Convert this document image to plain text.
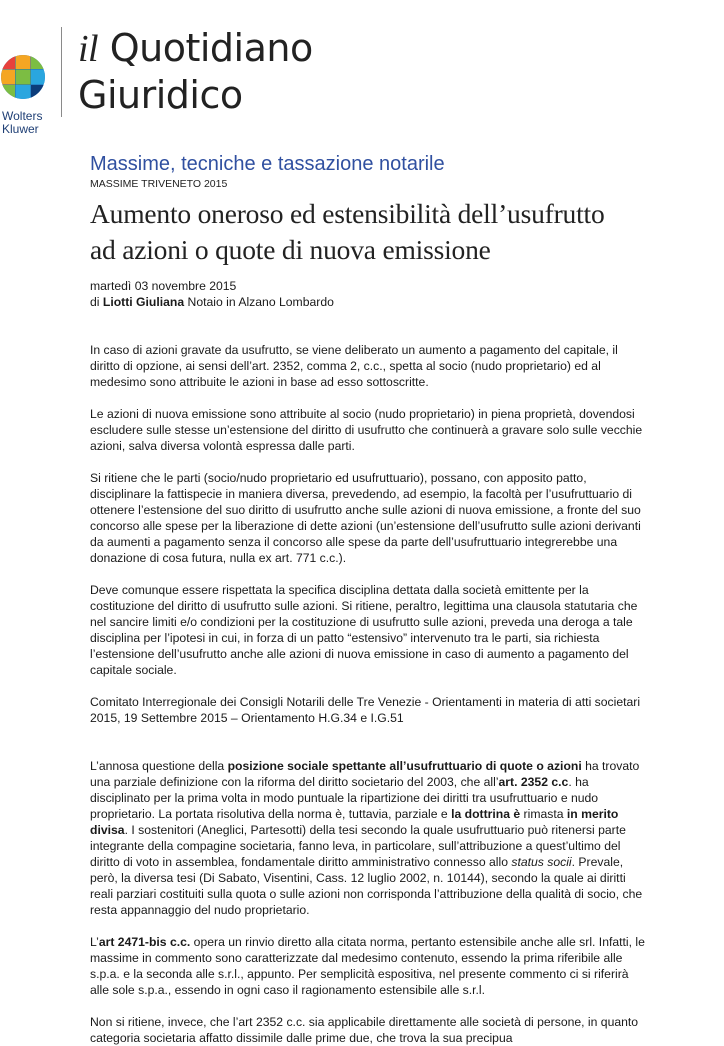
Wolters
Kluwer
il Quotidiano
Giuridico
Massime, tecniche e tassazione notarile
MASSIME TRIVENETO 2015
Aumento oneroso ed estensibilità dell’usufrutto
ad azioni o quote di nuova emissione
martedì 03 novembre 2015
di Liotti Giuliana Notaio in Alzano Lombardo

In caso di azioni gravate da usufrutto, se viene deliberato un aumento a pagamento del capitale, il diritto di opzione, ai sensi dell’art. 2352, comma 2, c.c., spetta al socio (nudo proprietario) ed al medesimo sono attribuite le azioni in base ad esso sottoscritte.

Le azioni di nuova emissione sono attribuite al socio (nudo proprietario) in piena proprietà, dovendosi escludere sulle stesse un’estensione del diritto di usufrutto che continuerà a gravare solo sulle vecchie azioni, salva diversa volontà espressa dalle parti.

Si ritiene che le parti (socio/nudo proprietario ed usufruttuario), possano, con apposito patto, disciplinare la fattispecie in maniera diversa, prevedendo, ad esempio, la facoltà per l’usufruttuario di ottenere l’estensione del suo diritto di usufrutto anche sulle azioni di nuova emissione, a fronte del suo concorso alle spese per la liberazione di dette azioni (un’estensione dell’usufrutto sulle azioni derivanti da aumenti a pagamento senza il concorso alle spese da parte dell’usufruttuario integrerebbe una donazione di cosa futura, nulla ex art. 771 c.c.).

Deve comunque essere rispettata la specifica disciplina dettata dalla società emittente per la costituzione del diritto di usufrutto sulle azioni. Si ritiene, peraltro, legittima una clausola statutaria che nel sancire limiti e/o condizioni per la costituzione di usufrutto sulle azioni, preveda una deroga a tale disciplina per l’ipotesi in cui, in forza di un patto “estensivo” intervenuto tra le parti, sia richiesta l’estensione dell’usufrutto anche alle azioni di nuova emissione in caso di aumento a pagamento del capitale sociale.

Comitato Interregionale dei Consigli Notarili delle Tre Venezie - Orientamenti in materia di atti societari 2015, 19 Settembre 2015 – Orientamento H.G.34 e I.G.51

L’annosa questione della posizione sociale spettante all’usufruttuario di quote o azioni ha trovato una parziale definizione con la riforma del diritto societario del 2003, che all’art. 2352 c.c. ha disciplinato per la prima volta in modo puntuale la ripartizione dei diritti tra usufruttuario e nudo proprietario. La portata risolutiva della norma è, tuttavia, parziale e la dottrina è rimasta in merito divisa. I sostenitori (Aneglici, Partesotti) della tesi secondo la quale usufruttuario può ritenersi parte integrante della compagine societaria, fanno leva, in particolare, sull’attribuzione a quest’ultimo del diritto di voto in assemblea, fondamentale diritto amministrativo connesso allo status socii. Prevale, però, la diversa tesi (Di Sabato, Visentini, Cass. 12 luglio 2002, n. 10144), secondo la quale ai diritti reali parziari costituiti sulla quota o sulle azioni non corrisponda l’attribuzione della qualità di socio, che resta appannaggio del nudo proprietario.

L’art 2471-bis c.c. opera un rinvio diretto alla citata norma, pertanto estensibile anche alle srl. Infatti, le massime in commento sono caratterizzate dal medesimo contenuto, essendo la prima riferibile alle s.p.a. e la seconda alle s.r.l., appunto. Per semplicità espositiva, nel presente commento ci si riferirà alle sole s.p.a., essendo in ogni caso il ragionamento estensibile alle s.r.l.

Non si ritiene, invece, che l’art 2352 c.c. sia applicabile direttamente alle società di persone, in quanto categoria societaria affatto dissimile dalle prime due, che trova la sua precipua
